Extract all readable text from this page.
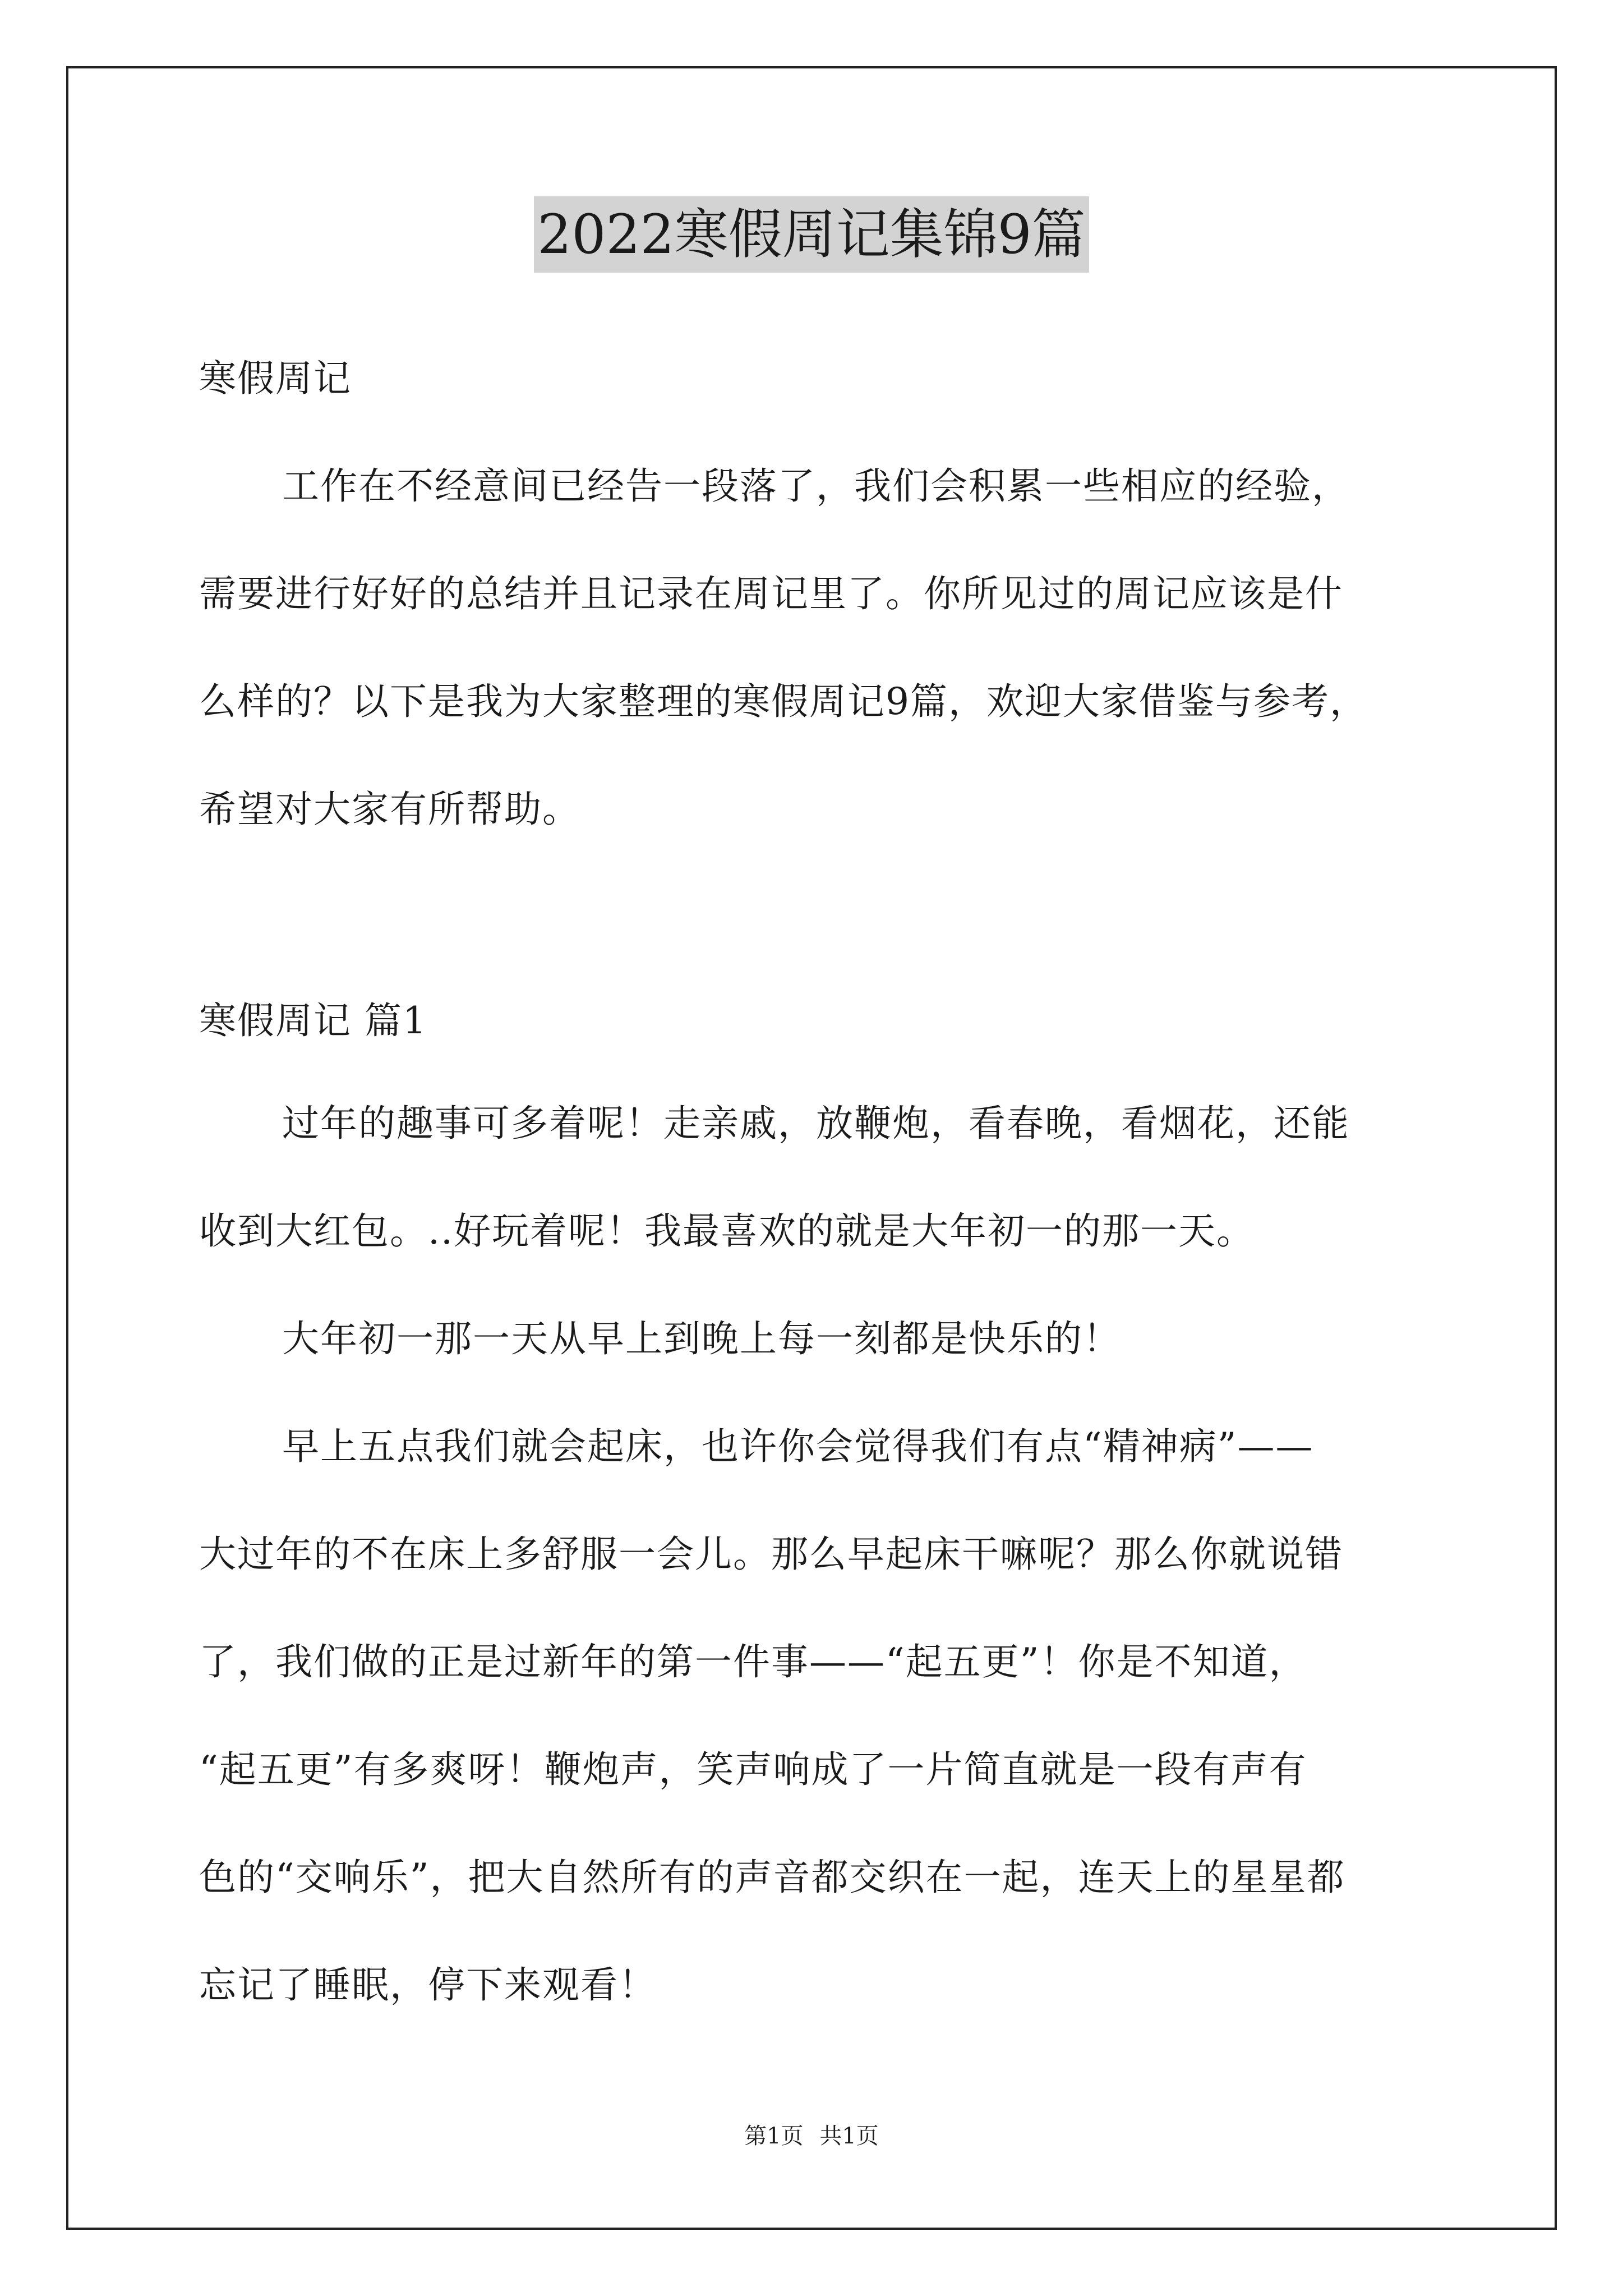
2022寒假周记集锦9篇
寒假周记
工作在不经意间已经告一段落了，我们会积累一些相应的经验，
需要进行好好的总结并且记录在周记里了。你所见过的周记应该是什
么样的？以下是我为大家整理的寒假周记9篇，欢迎大家借鉴与参考，
希望对大家有所帮助。
寒假周记 篇1
过年的趣事可多着呢！走亲戚，放鞭炮，看春晚，看烟花，还能
收到大红包。..好玩着呢！我最喜欢的就是大年初一的那一天。
大年初一那一天从早上到晚上每一刻都是快乐的！
早上五点我们就会起床，也许你会觉得我们有点“精神病”——
大过年的不在床上多舒服一会儿。那么早起床干嘛呢？那么你就说错
了，我们做的正是过新年的第一件事——“起五更”！你是不知道，
“起五更”有多爽呀！鞭炮声，笑声响成了一片简直就是一段有声有
色的“交响乐”，把大自然所有的声音都交织在一起，连天上的星星都
忘记了睡眠，停下来观看！
第1页 共1页
